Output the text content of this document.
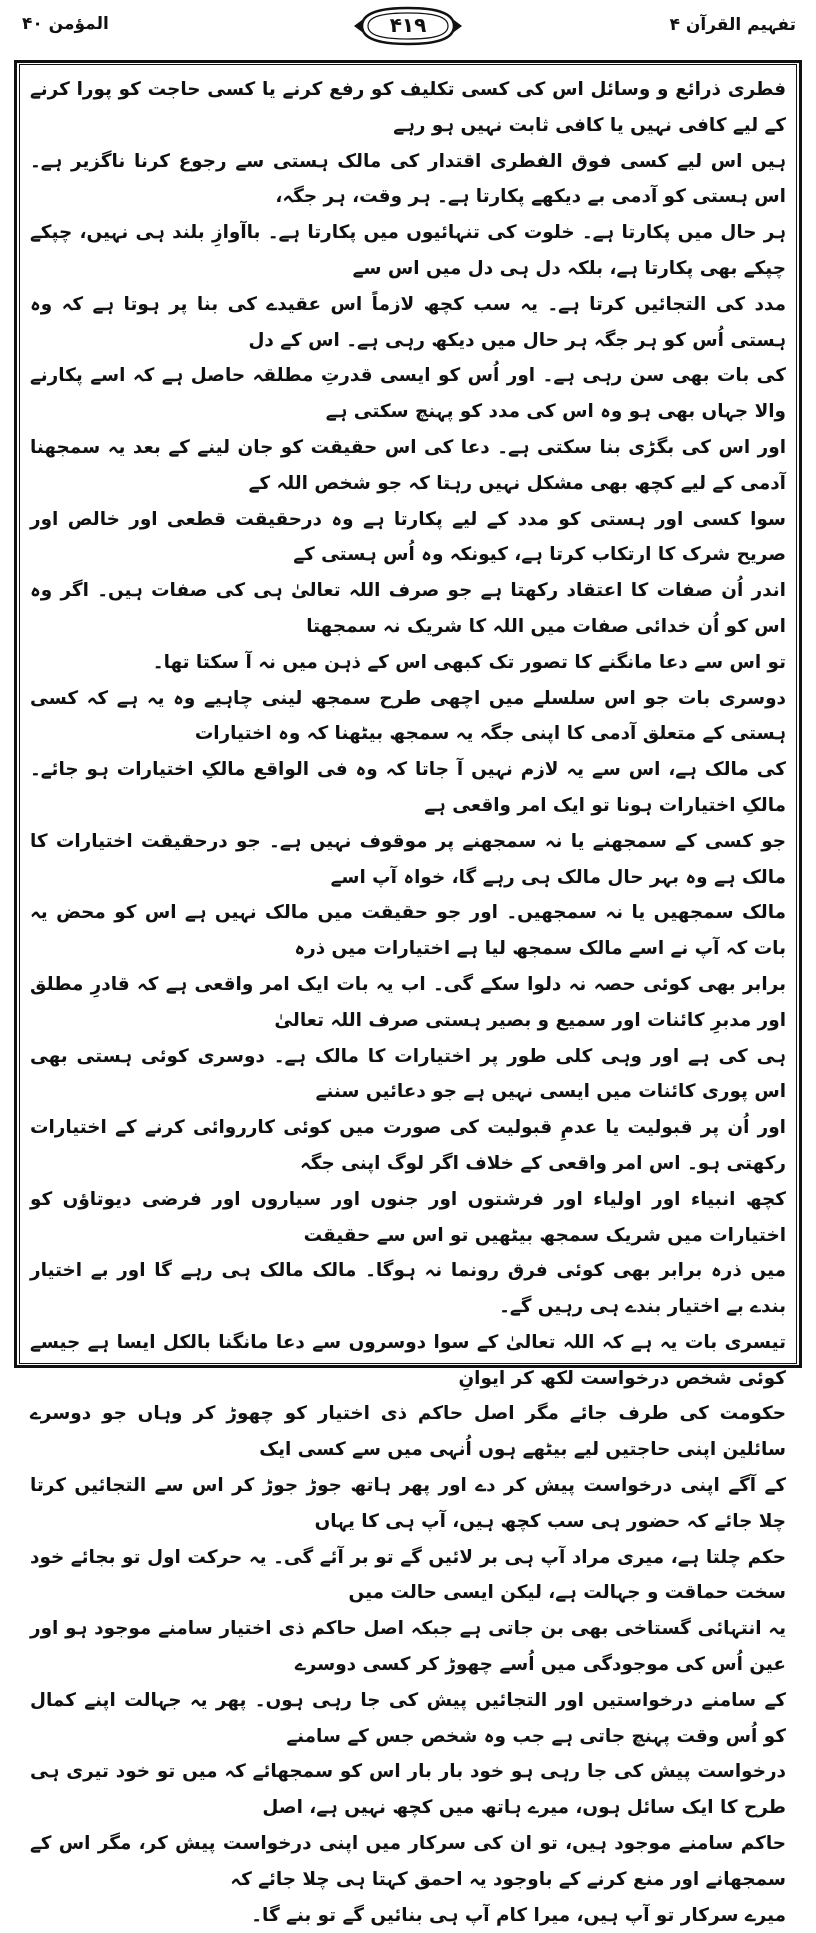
المؤمن ۴۰	۴۱۹	تفہیم القرآن ۴

فطری ذرائع و وسائل اس کی کسی تکلیف کو رفع کرنے یا کسی حاجت کو پورا کرنے کے لیے کافی نہیں یا کافی ثابت نہیں ہو رہے
ہیں اس لیے کسی فوق الفطری اقتدار کی مالک ہستی سے رجوع کرنا ناگزیر ہے۔ اس ہستی کو آدمی بے دیکھے پکارتا ہے۔ ہر وقت، ہر جگہ،
ہر حال میں پکارتا ہے۔ خلوت کی تنہائیوں میں پکارتا ہے۔ باآوازِ بلند ہی نہیں، چپکے چپکے بھی پکارتا ہے، بلکہ دل ہی دل میں اس سے
مدد کی التجائیں کرتا ہے۔ یہ سب کچھ لازماً اس عقیدے کی بنا پر ہوتا ہے کہ وہ ہستی اُس کو ہر جگہ ہر حال میں دیکھ رہی ہے۔ اس کے دل
کی بات بھی سن رہی ہے۔ اور اُس کو ایسی قدرتِ مطلقہ حاصل ہے کہ اسے پکارنے والا جہاں بھی ہو وہ اس کی مدد کو پہنچ سکتی ہے
اور اس کی بگڑی بنا سکتی ہے۔ دعا کی اس حقیقت کو جان لینے کے بعد یہ سمجھنا آدمی کے لیے کچھ بھی مشکل نہیں رہتا کہ جو شخص اللہ کے
سوا کسی اور ہستی کو مدد کے لیے پکارتا ہے وہ درحقیقت قطعی اور خالص اور صریح شرک کا ارتکاب کرتا ہے، کیونکہ وہ اُس ہستی کے
اندر اُن صفات کا اعتقاد رکھتا ہے جو صرف اللہ تعالیٰ ہی کی صفات ہیں۔ اگر وہ اس کو اُن خدائی صفات میں اللہ کا شریک نہ سمجھتا
تو اس سے دعا مانگنے کا تصور تک کبھی اس کے ذہن میں نہ آ سکتا تھا۔

دوسری بات جو اس سلسلے میں اچھی طرح سمجھ لینی چاہیے وہ یہ ہے کہ کسی ہستی کے متعلق آدمی کا اپنی جگہ یہ سمجھ بیٹھنا کہ وہ اختیارات
کی مالک ہے، اس سے یہ لازم نہیں آ جاتا کہ وہ فی الواقع مالکِ اختیارات ہو جائے۔ مالکِ اختیارات ہونا تو ایک امر واقعی ہے
جو کسی کے سمجھنے یا نہ سمجھنے پر موقوف نہیں ہے۔ جو درحقیقت اختیارات کا مالک ہے وہ بہر حال مالک ہی رہے گا، خواہ آپ اسے
مالک سمجھیں یا نہ سمجھیں۔ اور جو حقیقت میں مالک نہیں ہے اس کو محض یہ بات کہ آپ نے اسے مالک سمجھ لیا ہے اختیارات میں ذرہ
برابر بھی کوئی حصہ نہ دلوا سکے گی۔ اب یہ بات ایک امر واقعی ہے کہ قادرِ مطلق اور مدبرِ کائنات اور سمیع و بصیر ہستی صرف اللہ تعالیٰ
ہی کی ہے اور وہی کلی طور پر اختیارات کا مالک ہے۔ دوسری کوئی ہستی بھی اس پوری کائنات میں ایسی نہیں ہے جو دعائیں سننے
اور اُن پر قبولیت یا عدمِ قبولیت کی صورت میں کوئی کارروائی کرنے کے اختیارات رکھتی ہو۔ اس امر واقعی کے خلاف اگر لوگ اپنی جگہ
کچھ انبیاء اور اولیاء اور فرشتوں اور جنوں اور سیاروں اور فرضی دیوتاؤں کو اختیارات میں شریک سمجھ بیٹھیں تو اس سے حقیقت
میں ذرہ برابر بھی کوئی فرق رونما نہ ہوگا۔ مالک مالک ہی رہے گا اور بے اختیار بندے بے اختیار بندے ہی رہیں گے۔

تیسری بات یہ ہے کہ اللہ تعالیٰ کے سوا دوسروں سے دعا مانگنا بالکل ایسا ہے جیسے کوئی شخص درخواست لکھ کر ایوانِ
حکومت کی طرف جائے مگر اصل حاکم ذی اختیار کو چھوڑ کر وہاں جو دوسرے سائلین اپنی حاجتیں لیے بیٹھے ہوں اُنہی میں سے کسی ایک
کے آگے اپنی درخواست پیش کر دے اور پھر ہاتھ جوڑ جوڑ کر اس سے التجائیں کرتا چلا جائے کہ حضور ہی سب کچھ ہیں، آپ ہی کا یہاں
حکم چلتا ہے، میری مراد آپ ہی بر لائیں گے تو بر آئے گی۔ یہ حرکت اول تو بجائے خود سخت حماقت و جہالت ہے، لیکن ایسی حالت میں
یہ انتہائی گستاخی بھی بن جاتی ہے جبکہ اصل حاکم ذی اختیار سامنے موجود ہو اور عین اُس کی موجودگی میں اُسے چھوڑ کر کسی دوسرے
کے سامنے درخواستیں اور التجائیں پیش کی جا رہی ہوں۔ پھر یہ جہالت اپنے کمال کو اُس وقت پہنچ جاتی ہے جب وہ شخص جس کے سامنے
درخواست پیش کی جا رہی ہو خود بار بار اس کو سمجھائے کہ میں تو خود تیری ہی طرح کا ایک سائل ہوں، میرے ہاتھ میں کچھ نہیں ہے، اصل
حاکم سامنے موجود ہیں، تو ان کی سرکار میں اپنی درخواست پیش کر، مگر اس کے سمجھانے اور منع کرنے کے باوجود یہ احمق کہتا ہی چلا جائے کہ
میرے سرکار تو آپ ہیں، میرا کام آپ ہی بنائیں گے تو بنے گا۔
